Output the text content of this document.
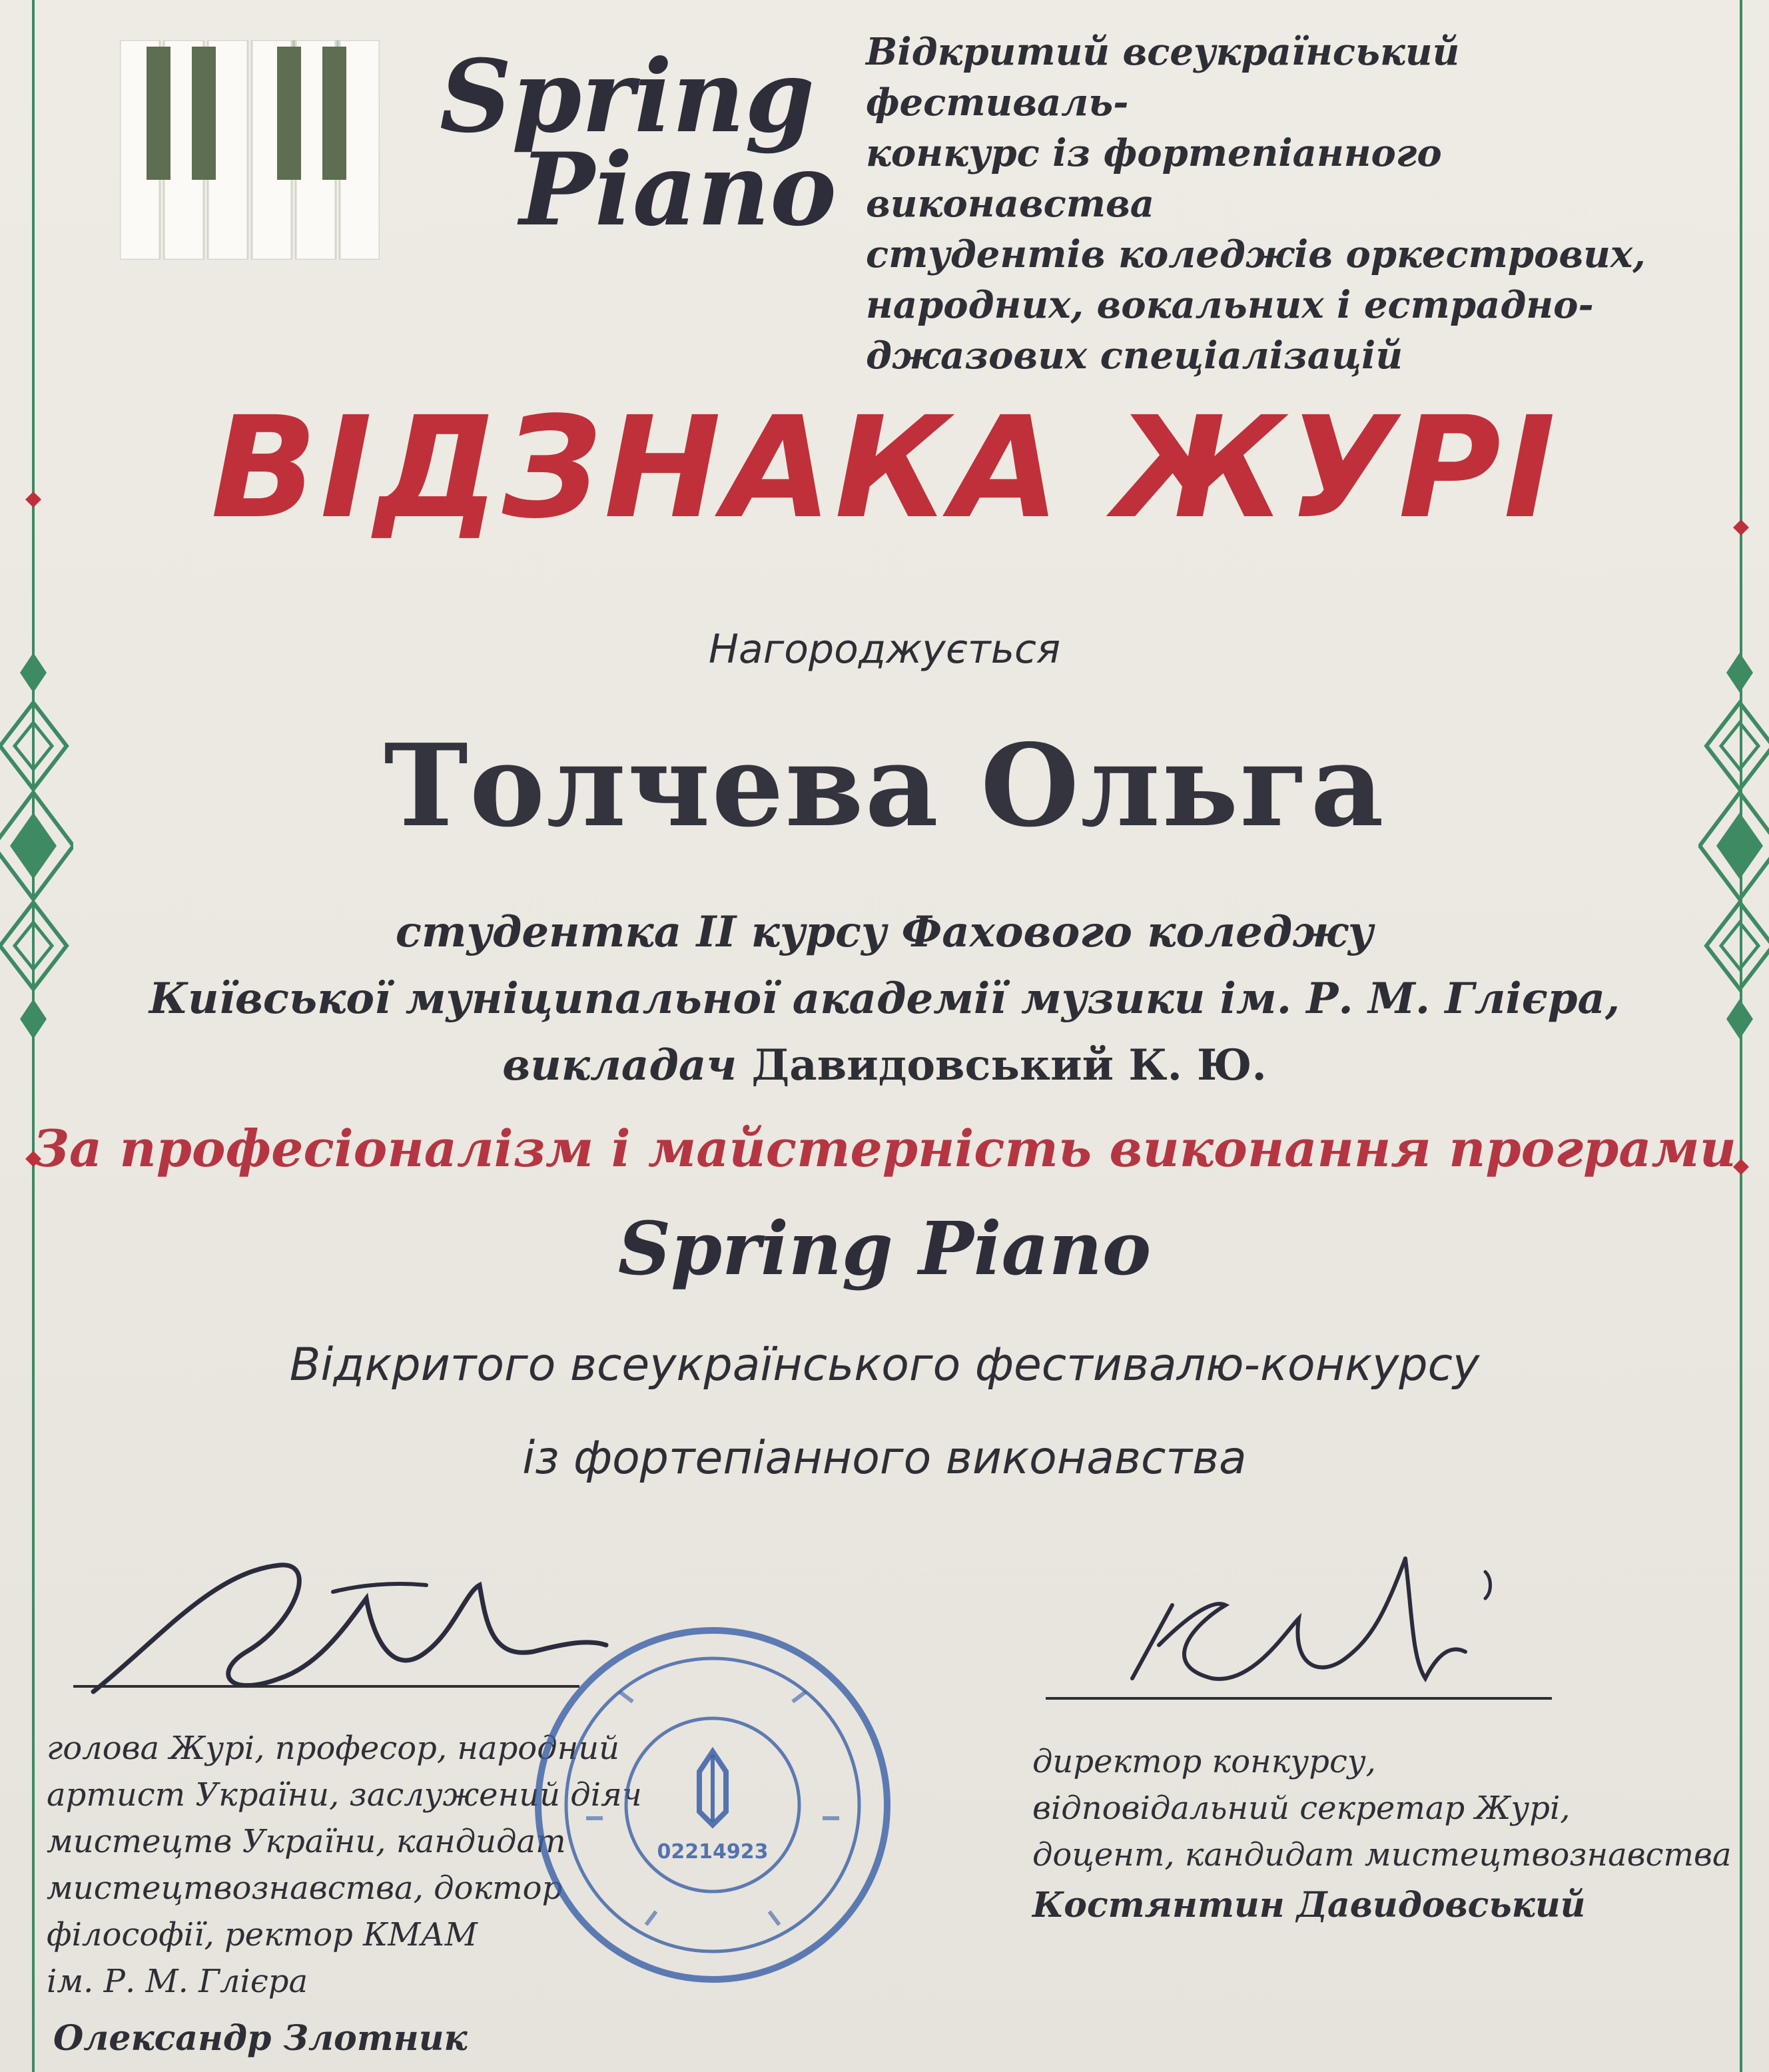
Spring
Piano
Відкритий всеукраїнський фестиваль-
конкурс із фортепіанного виконавства
студентів коледжів оркестрових,
народних, вокальних і естрадно-
джазових спеціалізацій
ВІДЗНАКА ЖУРІ
Нагороджується
Толчева Ольга
студентка II курсу Фахового коледжу
Київської муніципальної академії музики ім. Р. М. Глієра,
викладач Давидовський К. Ю.
За професіоналізм і майстерність виконання програми
Spring Piano
Відкритого всеукраїнського фестивалю-конкурсу
із фортепіанного виконавства
голова Журі, професор, народний
артист України, заслужений діяч
мистецтв України, кандидат
мистецтвознавства, доктор
філософії, ректор КМАМ
ім. Р. М. Глієра
Олександр Злотник
02214923
директор конкурсу,
відповідальний секретар Журі,
доцент, кандидат мистецтвознавства
Костянтин Давидовський
